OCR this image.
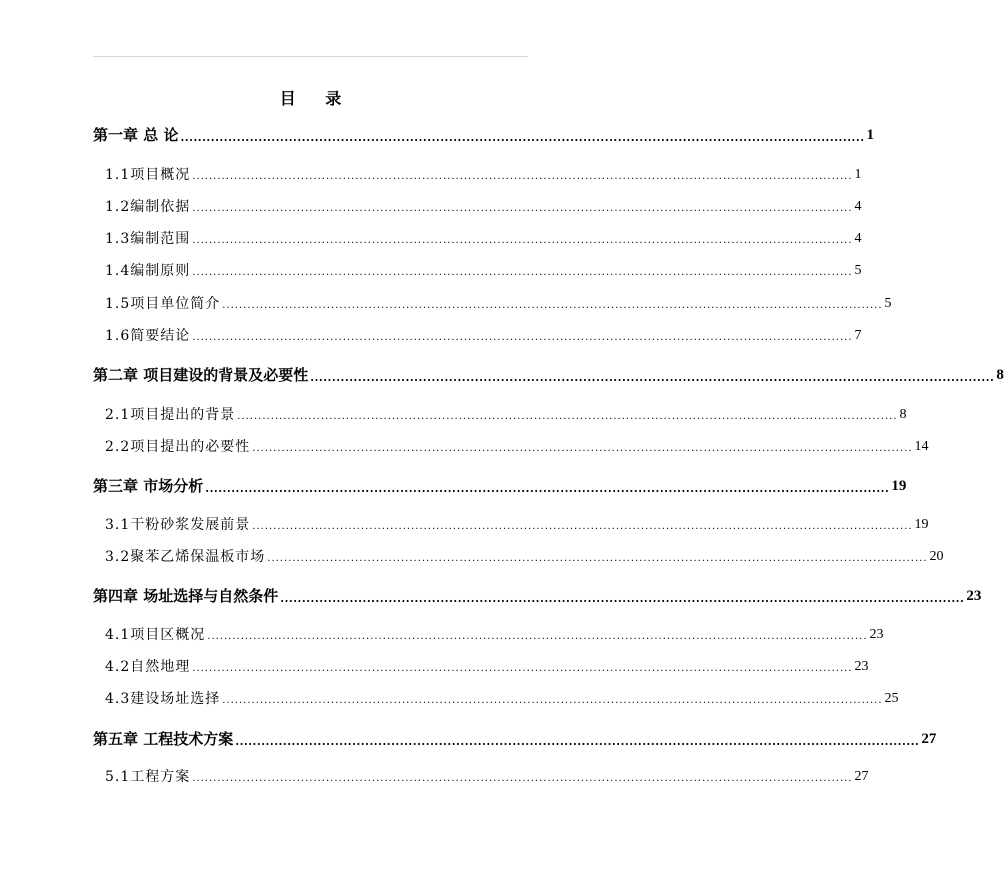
目 录
第一章 总 论 .............................................................................................................................................................. 1
1.1项目概况 .............................................................................................................................................................. 1
1.2编制依据 .............................................................................................................................................................. 4
1.3编制范围 .............................................................................................................................................................. 4
1.4编制原则 .............................................................................................................................................................. 5
1.5项目单位简介 .............................................................................................................................................................. 5
1.6简要结论 .............................................................................................................................................................. 7
第二章 项目建设的背景及必要性 .............................................................................................................................................................. 8
2.1项目提出的背景 .............................................................................................................................................................. 8
2.2项目提出的必要性 .............................................................................................................................................................. 14
第三章 市场分析 .............................................................................................................................................................. 19
3.1干粉砂浆发展前景 .............................................................................................................................................................. 19
3.2聚苯乙烯保温板市场 .............................................................................................................................................................. 20
第四章 场址选择与自然条件 .............................................................................................................................................................. 23
4.1项目区概况 .............................................................................................................................................................. 23
4.2自然地理 .............................................................................................................................................................. 23
4.3建设场址选择 .............................................................................................................................................................. 25
第五章 工程技术方案 .............................................................................................................................................................. 27
5.1工程方案 .............................................................................................................................................................. 27
